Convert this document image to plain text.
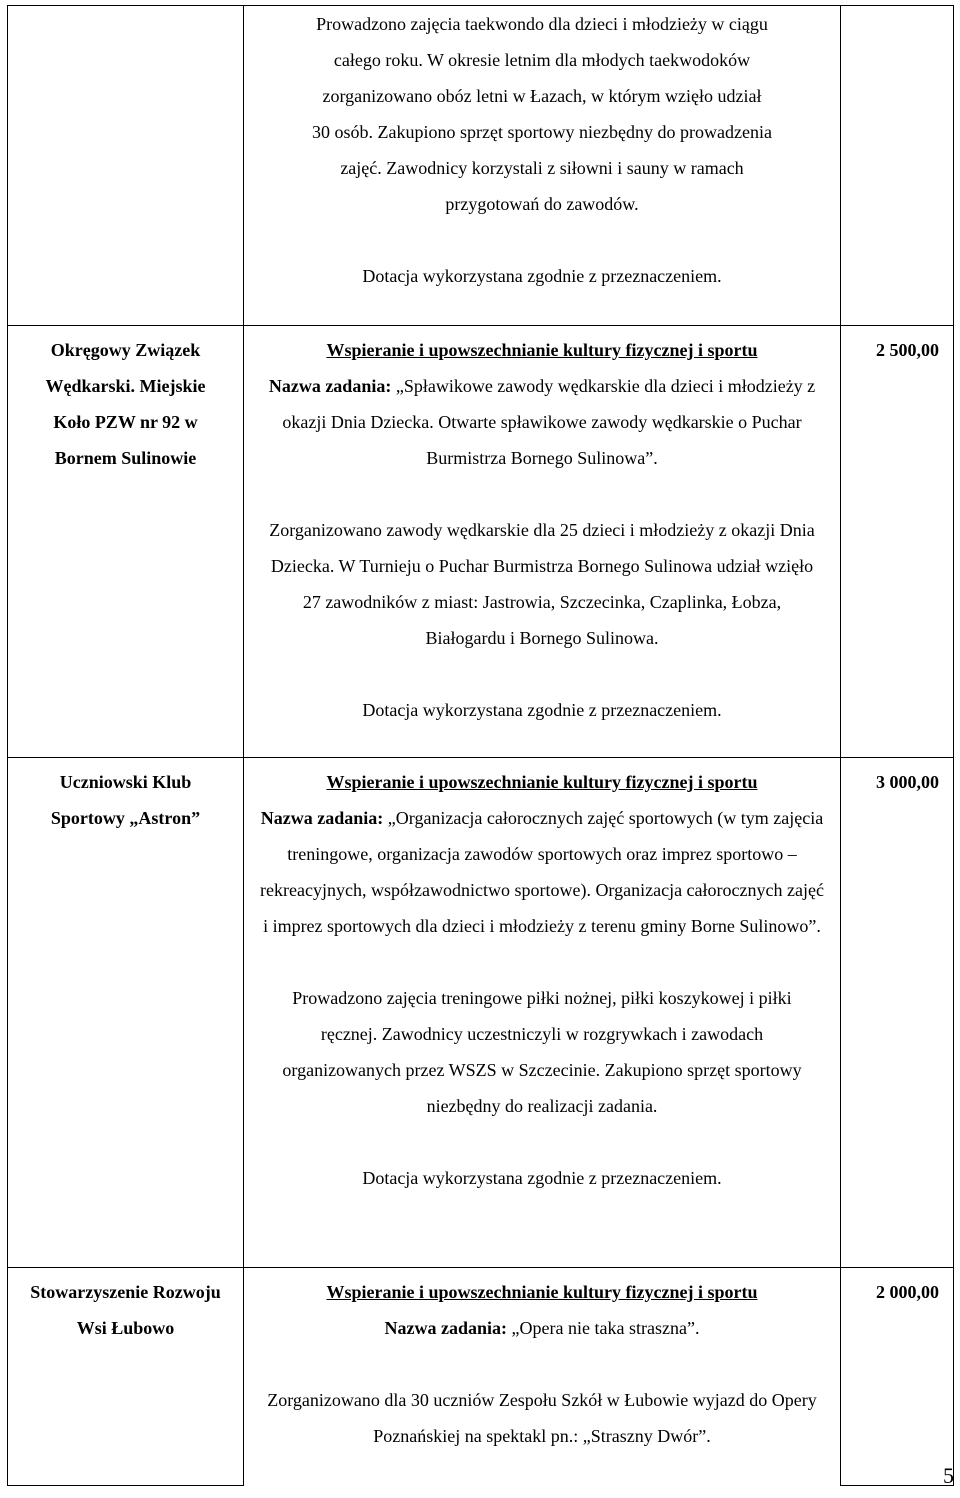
	Prowadzono zajęcia taekwondo dla dzieci i młodzieży w ciągu całego roku. W okresie letnim dla młodych taekwodoków zorganizowano obóz letni w Łazach, w którym wzięło udział 30 osób. Zakupiono sprzęt sportowy niezbędny do prowadzenia zajęć. Zawodnicy korzystali z siłowni i sauny w ramach przygotowań do zawodów.

Dotacja wykorzystana zgodnie z przeznaczeniem.	

Okręgowy Związek Wędkarski. Miejskie Koło PZW nr 92 w Bornem Sulinowie	Wspieranie i upowszechnianie kultury fizycznej i sportu
Nazwa zadania: „Spławikowe zawody wędkarskie dla dzieci i młodzieży z okazji Dnia Dziecka. Otwarte spławikowe zawody wędkarskie o Puchar Burmistrza Bornego Sulinowa”.

Zorganizowano zawody wędkarskie dla 25 dzieci i młodzieży z okazji Dnia Dziecka. W Turnieju o Puchar Burmistrza Bornego Sulinowa udział wzięło 27 zawodników z miast: Jastrowia, Szczecinka, Czaplinka, Łobza, Białogardu i Bornego Sulinowa.

Dotacja wykorzystana zgodnie z przeznaczeniem.	2 500,00

Uczniowski Klub Sportowy „Astron”	Wspieranie i upowszechnianie kultury fizycznej i sportu
Nazwa zadania: „Organizacja całorocznych zajęć sportowych (w tym zajęcia treningowe, organizacja zawodów sportowych oraz imprez sportowo – rekreacyjnych, współzawodnictwo sportowe). Organizacja całorocznych zajęć i imprez sportowych dla dzieci i młodzieży z terenu gminy Borne Sulinowo”.

Prowadzono zajęcia treningowe piłki nożnej, piłki koszykowej i piłki ręcznej. Zawodnicy uczestniczyli w rozgrywkach i zawodach organizowanych przez WSZS w Szczecinie. Zakupiono sprzęt sportowy niezbędny do realizacji zadania.

Dotacja wykorzystana zgodnie z przeznaczeniem.	3 000,00

Stowarzyszenie Rozwoju Wsi Łubowo	Wspieranie i upowszechnianie kultury fizycznej i sportu
Nazwa zadania: „Opera nie taka straszna”.

Zorganizowano dla 30 uczniów Zespołu Szkół w Łubowie wyjazd do Opery Poznańskiej na spektakl pn.: „Straszny Dwór”.	2 000,00
5
